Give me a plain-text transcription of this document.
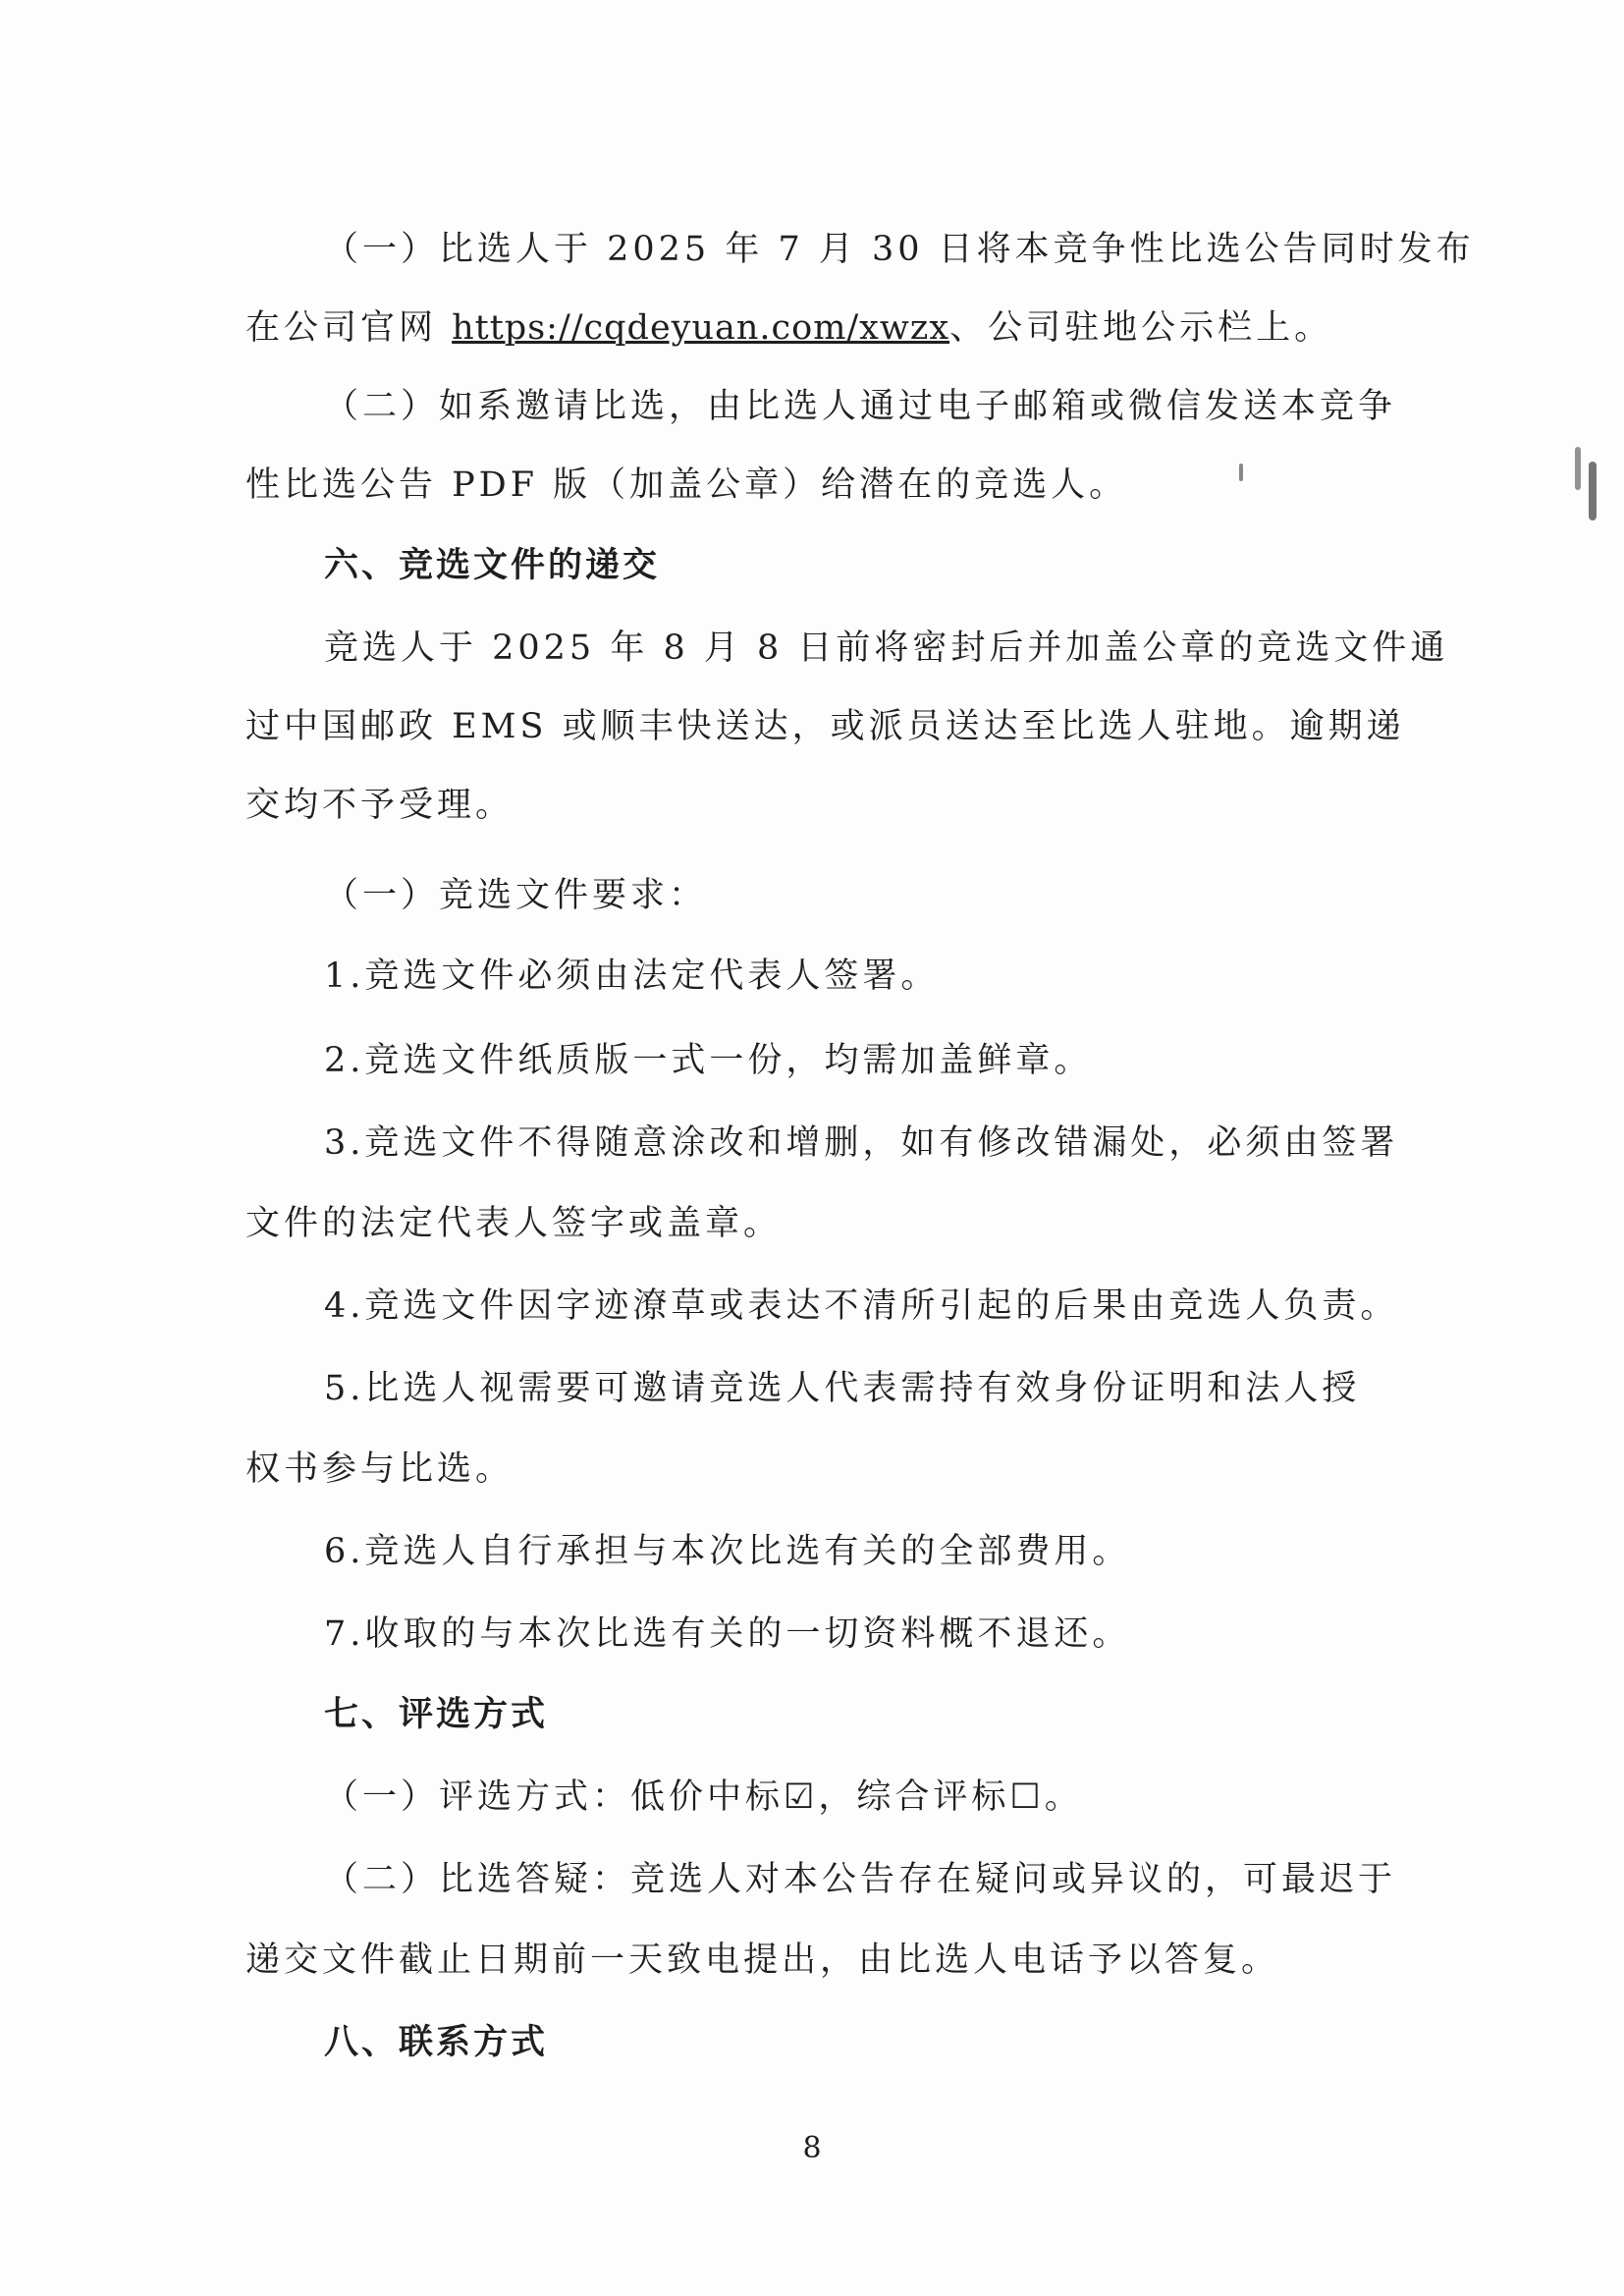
（一）比选人于 2025 年 7 月 30 日将本竞争性比选公告同时发布
在公司官网 https://cqdeyuan.com/xwzx、公司驻地公示栏上。
（二）如系邀请比选，由比选人通过电子邮箱或微信发送本竞争
性比选公告 PDF 版（加盖公章）给潜在的竞选人。
六、竞选文件的递交
竞选人于 2025 年 8 月 8 日前将密封后并加盖公章的竞选文件通
过中国邮政 EMS 或顺丰快送达，或派员送达至比选人驻地。逾期递
交均不予受理。
（一）竞选文件要求：
1.竞选文件必须由法定代表人签署。
2.竞选文件纸质版一式一份，均需加盖鲜章。
3.竞选文件不得随意涂改和增删，如有修改错漏处，必须由签署
文件的法定代表人签字或盖章。
4.竞选文件因字迹潦草或表达不清所引起的后果由竞选人负责。
5.比选人视需要可邀请竞选人代表需持有效身份证明和法人授
权书参与比选。
6.竞选人自行承担与本次比选有关的全部费用。
7.收取的与本次比选有关的一切资料概不退还。
七、评选方式
（一）评选方式：低价中标☑，综合评标☐。
（二）比选答疑：竞选人对本公告存在疑问或异议的，可最迟于
递交文件截止日期前一天致电提出，由比选人电话予以答复。
八、联系方式
8
